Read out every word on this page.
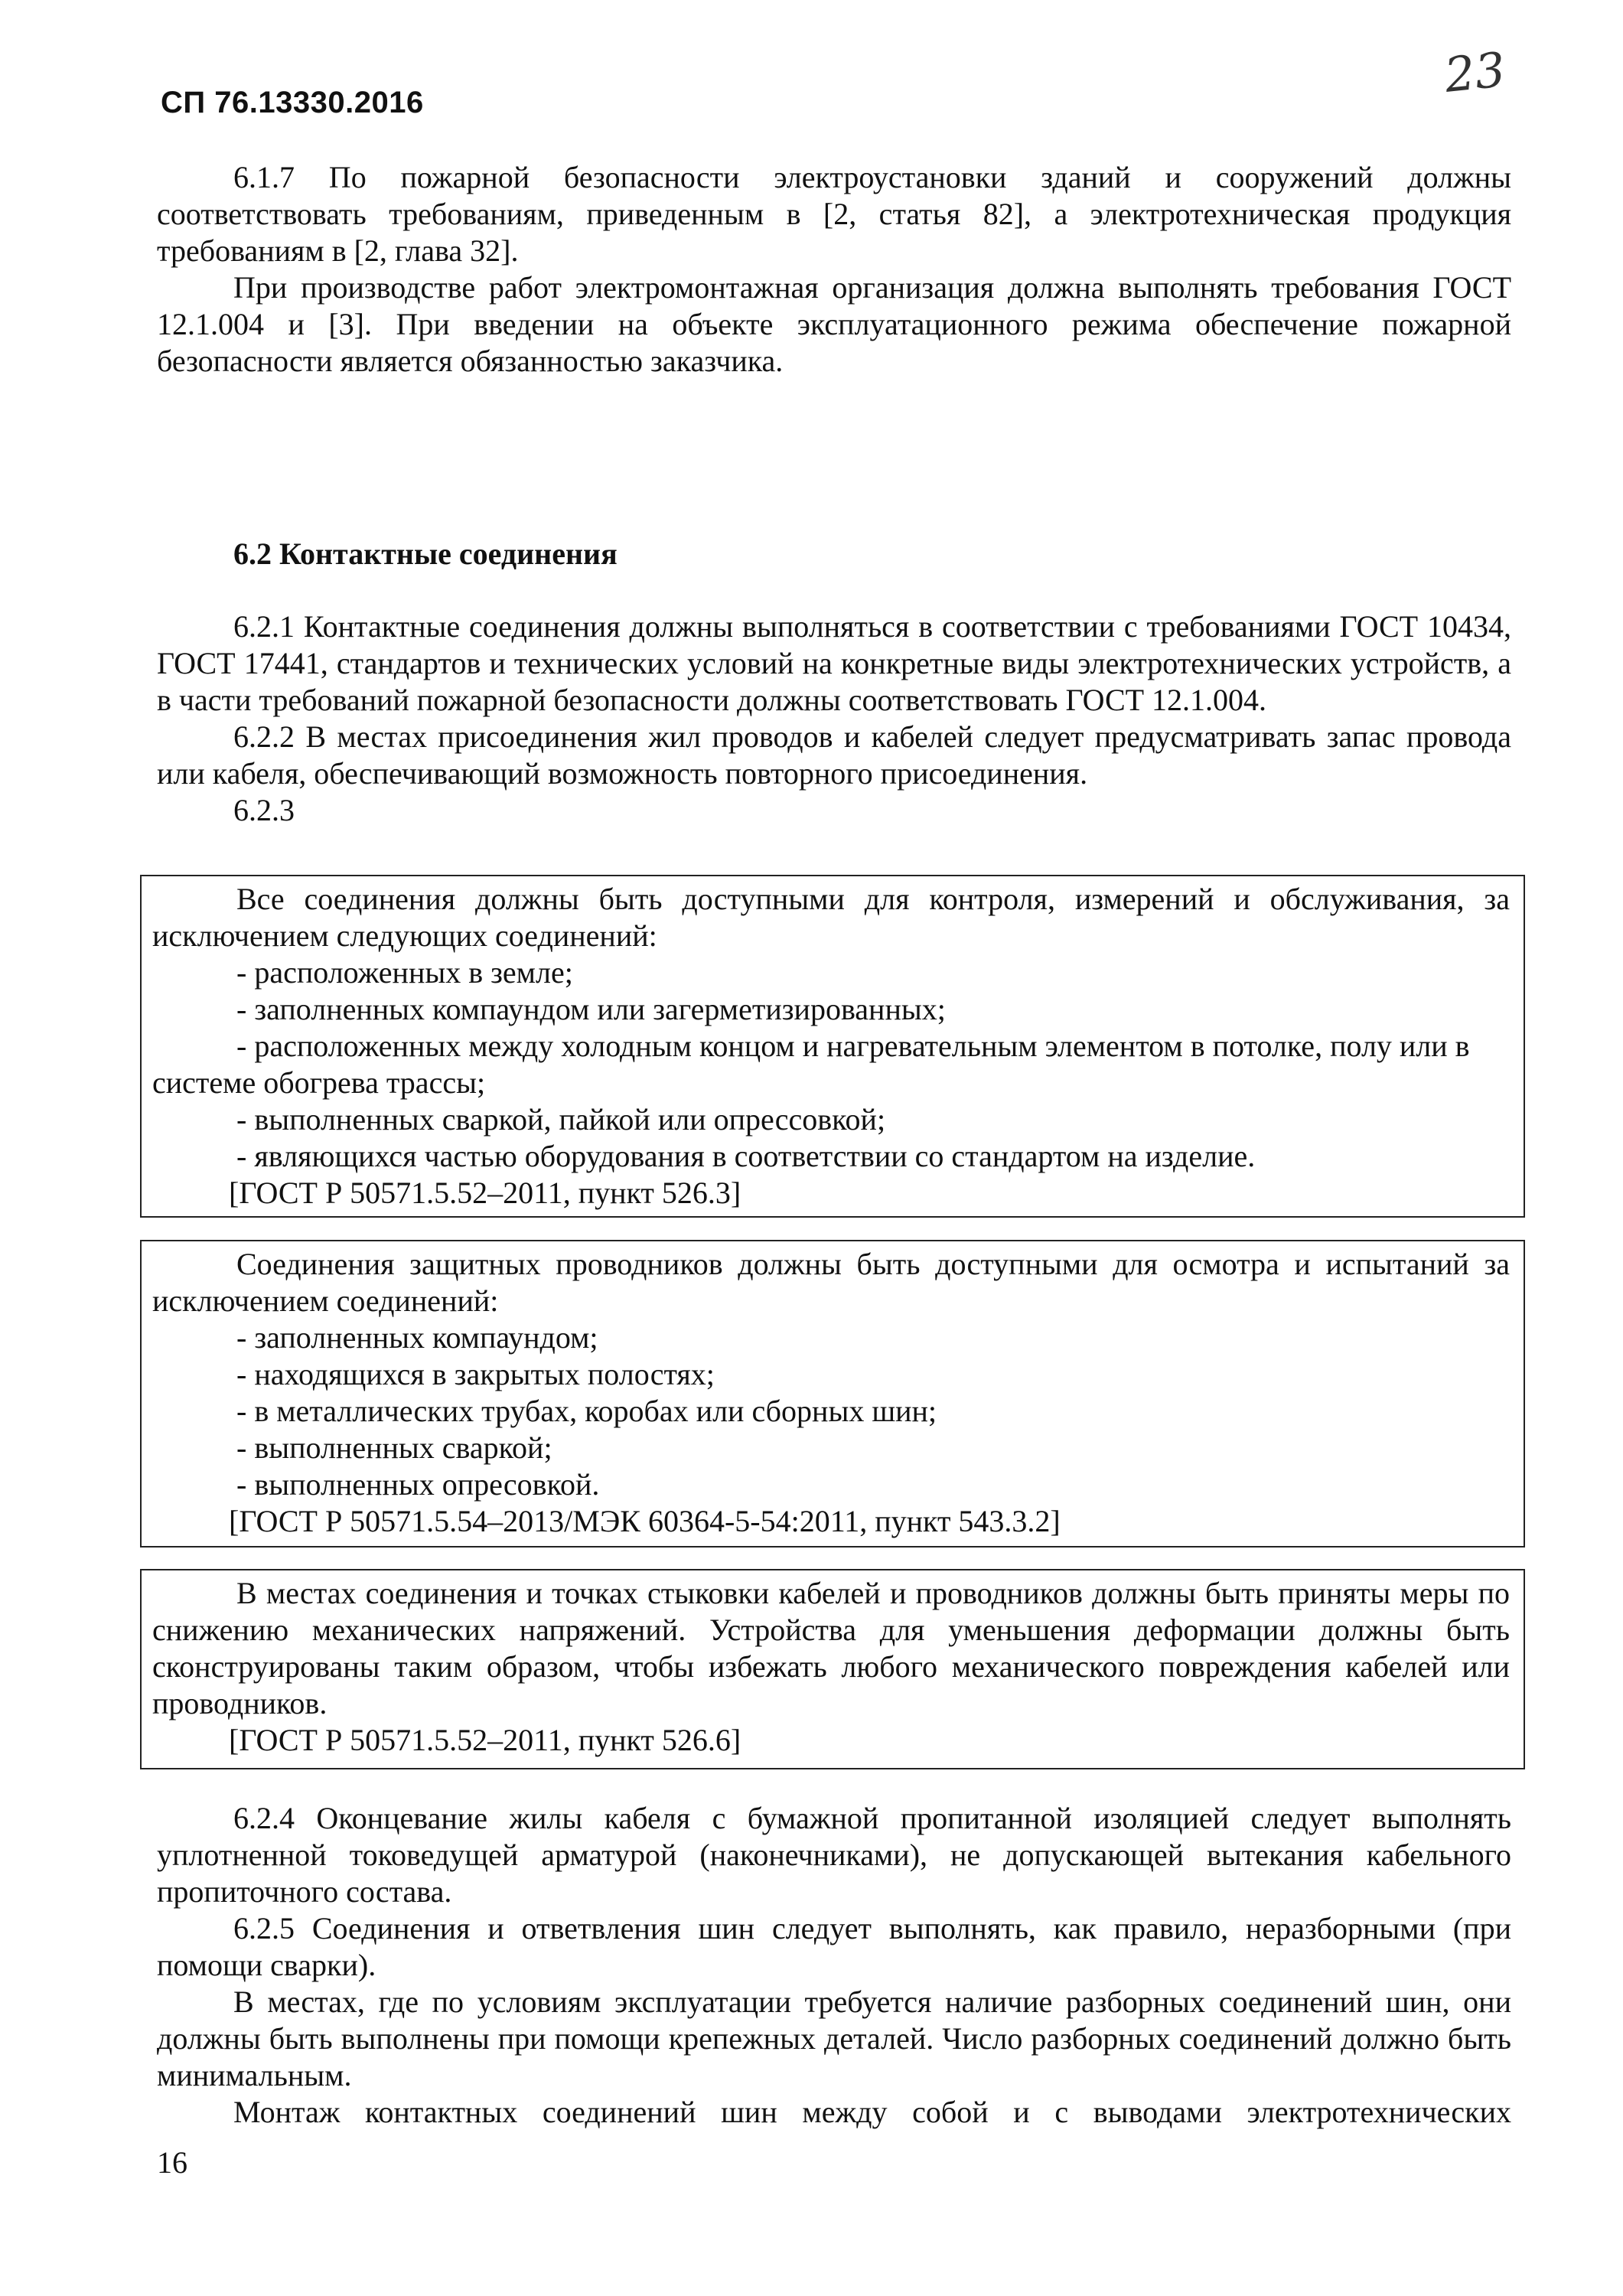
СП 76.13330.2016	23

6.1.7 По пожарной безопасности электроустановки зданий и сооружений должны соответствовать требованиям, приведенным в [2, статья 82], а электротехническая продукция требованиям в [2, глава 32].

При производстве работ электромонтажная организация должна выполнять требования ГОСТ 12.1.004 и [3]. При введении на объекте эксплуатационного режима обеспечение пожарной безопасности является обязанностью заказчика.

6.2 Контактные соединения

6.2.1 Контактные соединения должны выполняться в соответствии с требованиями ГОСТ 10434, ГОСТ 17441, стандартов и технических условий на конкретные виды электротехнических устройств, а в части требований пожарной безопасности должны соответствовать ГОСТ 12.1.004.

6.2.2 В местах присоединения жил проводов и кабелей следует предусматривать запас провода или кабеля, обеспечивающий возможность повторного присоединения.

6.2.3

Все соединения должны быть доступными для контроля, измерений и обслуживания, за исключением следующих соединений:

- расположенных в земле;

- заполненных компаундом или загерметизированных;

- расположенных между холодным концом и нагревательным элементом в потолке, полу или в системе обогрева трассы;

- выполненных сваркой, пайкой или опрессовкой;

- являющихся частью оборудования в соответствии со стандартом на изделие.

[ГОСТ Р 50571.5.52–2011, пункт 526.3]

Соединения защитных проводников должны быть доступными для осмотра и испытаний за исключением соединений:

- заполненных компаундом;

- находящихся в закрытых полостях;

- в металлических трубах, коробах или сборных шин;

- выполненных сваркой;

- выполненных опресовкой.

[ГОСТ Р 50571.5.54–2013/МЭК 60364-5-54:2011, пункт 543.3.2]

В местах соединения и точках стыковки кабелей и проводников должны быть приняты меры по снижению механических напряжений. Устройства для уменьшения деформации должны быть сконструированы таким образом, чтобы избежать любого механического повреждения кабелей или проводников.

[ГОСТ Р 50571.5.52–2011, пункт 526.6]

6.2.4 Оконцевание жилы кабеля с бумажной пропитанной изоляцией следует выполнять уплотненной токоведущей арматурой (наконечниками), не допускающей вытекания кабельного пропиточного состава.

6.2.5 Соединения и ответвления шин следует выполнять, как правило, неразборными (при помощи сварки).

В местах, где по условиям эксплуатации требуется наличие разборных соединений шин, они должны быть выполнены при помощи крепежных деталей. Число разборных соединений должно быть минимальным.

Монтаж контактных соединений шин между собой и с выводами электротехнических

16
